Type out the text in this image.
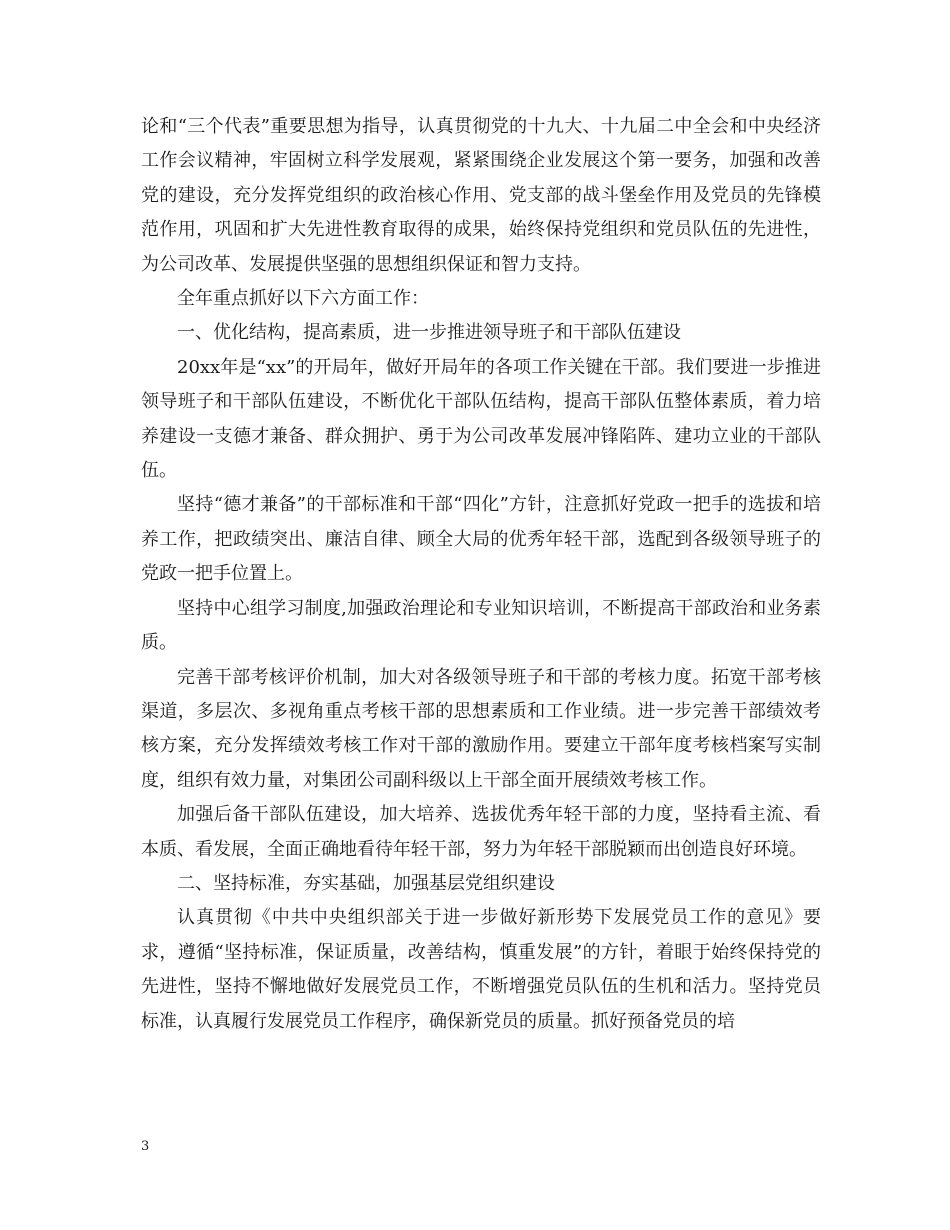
论和“三个代表”重要思想为指导，认真贯彻党的十九大、十九届二中全会和中央经济工作会议精神，牢固树立科学发展观，紧紧围绕企业发展这个第一要务，加强和改善党的建设，充分发挥党组织的政治核心作用、党支部的战斗堡垒作用及党员的先锋模范作用，巩固和扩大先进性教育取得的成果，始终保持党组织和党员队伍的先进性，为公司改革、发展提供坚强的思想组织保证和智力支持。

全年重点抓好以下六方面工作：

一、优化结构，提高素质，进一步推进领导班子和干部队伍建设

20xx年是“xx”的开局年，做好开局年的各项工作关键在干部。我们要进一步推进领导班子和干部队伍建设，不断优化干部队伍结构，提高干部队伍整体素质，着力培养建设一支德才兼备、群众拥护、勇于为公司改革发展冲锋陷阵、建功立业的干部队伍。

坚持“德才兼备”的干部标准和干部“四化”方针，注意抓好党政一把手的选拔和培养工作，把政绩突出、廉洁自律、顾全大局的优秀年轻干部，选配到各级领导班子的党政一把手位置上。

坚持中心组学习制度,加强政治理论和专业知识培训，不断提高干部政治和业务素质。

完善干部考核评价机制，加大对各级领导班子和干部的考核力度。拓宽干部考核渠道，多层次、多视角重点考核干部的思想素质和工作业绩。进一步完善干部绩效考核方案，充分发挥绩效考核工作对干部的激励作用。要建立干部年度考核档案写实制度，组织有效力量，对集团公司副科级以上干部全面开展绩效考核工作。

加强后备干部队伍建设，加大培养、选拔优秀年轻干部的力度，坚持看主流、看本质、看发展，全面正确地看待年轻干部，努力为年轻干部脱颖而出创造良好环境。

二、坚持标准，夯实基础，加强基层党组织建设

认真贯彻《中共中央组织部关于进一步做好新形势下发展党员工作的意见》要求，遵循“坚持标准，保证质量，改善结构，慎重发展”的方针，着眼于始终保持党的先进性，坚持不懈地做好发展党员工作，不断增强党员队伍的生机和活力。坚持党员标准，认真履行发展党员工作程序，确保新党员的质量。抓好预备党员的培

3
